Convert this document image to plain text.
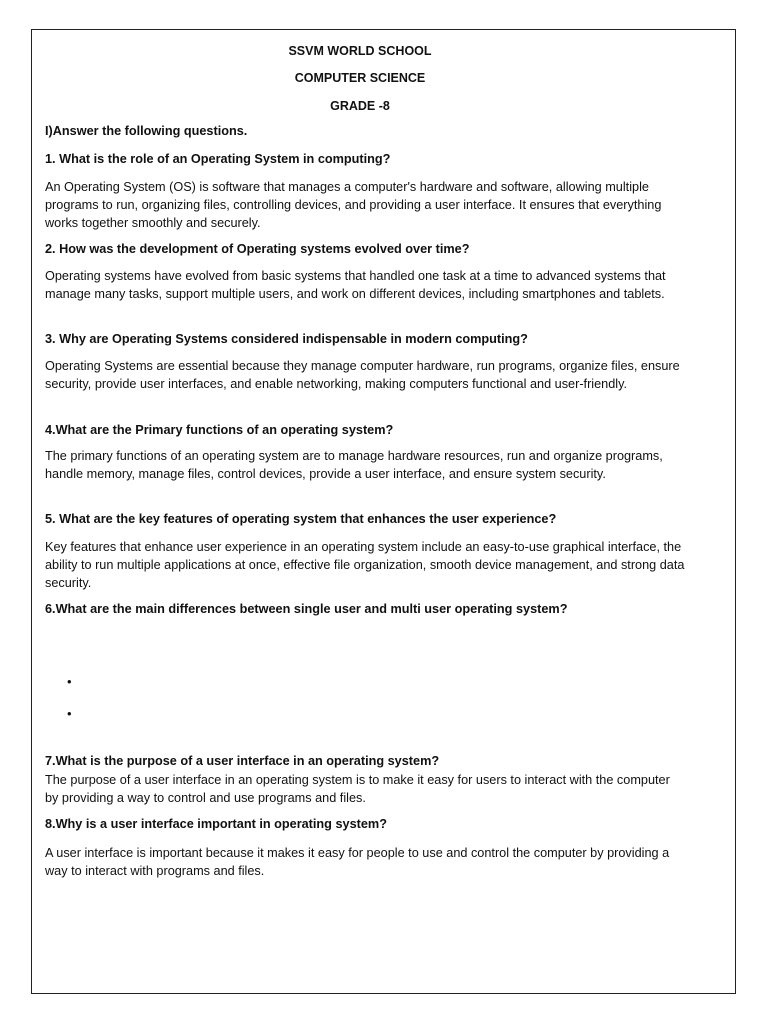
SSVM WORLD SCHOOL
COMPUTER SCIENCE
GRADE -8
I)Answer the following questions.
1. What is the role of an Operating System in computing?
An Operating System (OS) is software that manages a computer's hardware and software, allowing multiple programs to run, organizing files, controlling devices, and providing a user interface. It ensures that everything works together smoothly and securely.
2. How was the development of Operating systems evolved over time?
Operating systems have evolved from basic systems that handled one task at a time to advanced systems that manage many tasks, support multiple users, and work on different devices, including smartphones and tablets.
3. Why are Operating Systems considered indispensable in modern computing?
Operating Systems are essential because they manage computer hardware, run programs, organize files, ensure security, provide user interfaces, and enable networking, making computers functional and user-friendly.
4.What are the Primary functions of an operating system?
The primary functions of an operating system are to manage hardware resources, run and organize programs, handle memory, manage files, control devices, provide a user interface, and ensure system security.
5. What are the key features of operating system that enhances the user experience?
Key features that enhance user experience in an operating system include an easy-to-use graphical interface, the ability to run multiple applications at once, effective file organization, smooth device management, and strong data security.
6.What are the main differences between single user and multi user operating system?
•
•
7.What is the purpose of a user interface in an operating system?
The purpose of a user interface in an operating system is to make it easy for users to interact with the computer by providing a way to control and use programs and files.
8.Why is a user interface important in operating system?
A user interface is important because it makes it easy for people to use and control the computer by providing a way to interact with programs and files.
